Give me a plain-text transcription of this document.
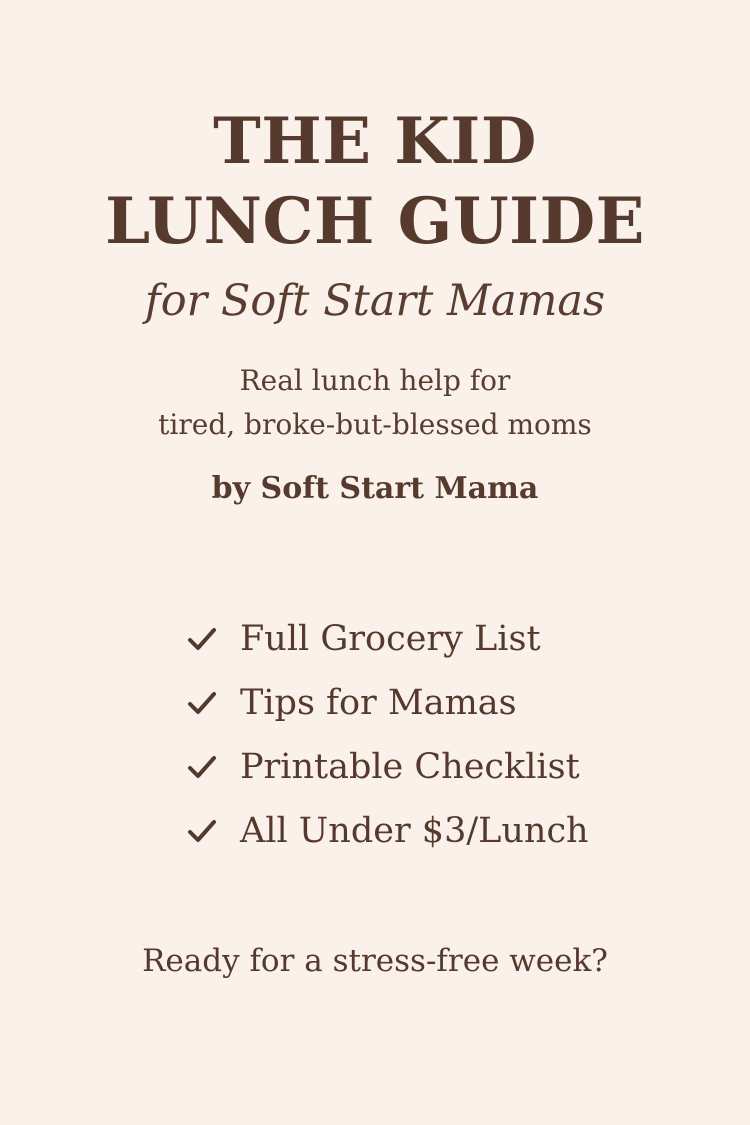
THE KID
LUNCH GUIDE

for Soft Start Mamas

Real lunch help for
tired, broke-but-blessed moms

by Soft Start Mama

Full Grocery List
Tips for Mamas
Printable Checklist
All Under $3/Lunch

Ready for a stress-free week?
